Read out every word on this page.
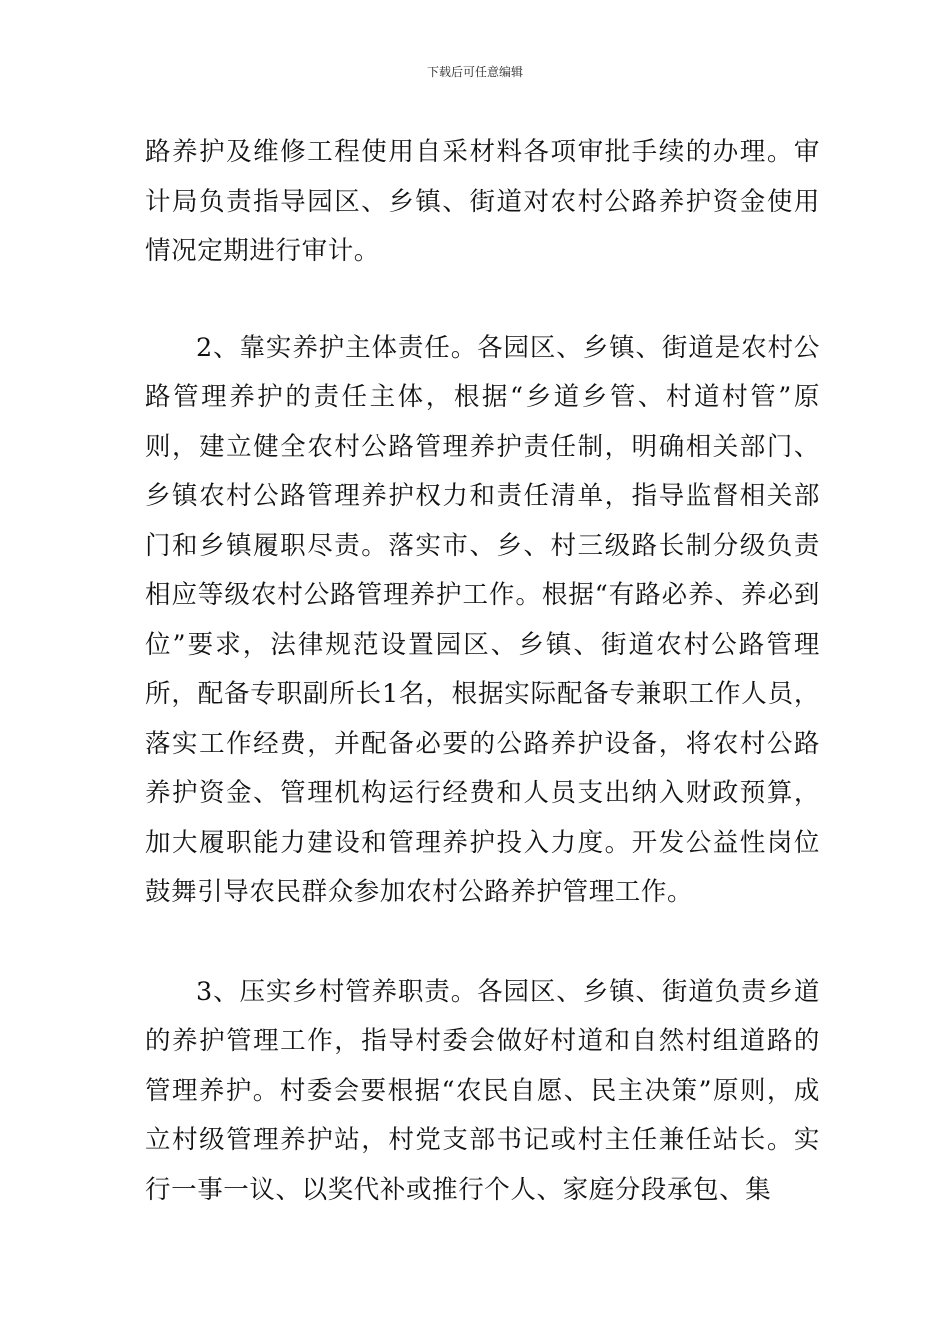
下载后可任意编辑

路养护及维修工程使用自采材料各项审批手续的办理。审计局负责指导园区、乡镇、街道对农村公路养护资金使用情况定期进行审计。

2、靠实养护主体责任。各园区、乡镇、街道是农村公路管理养护的责任主体，根据“乡道乡管、村道村管”原则，建立健全农村公路管理养护责任制，明确相关部门、乡镇农村公路管理养护权力和责任清单，指导监督相关部门和乡镇履职尽责。落实市、乡、村三级路长制分级负责相应等级农村公路管理养护工作。根据“有路必养、养必到位”要求，法律规范设置园区、乡镇、街道农村公路管理所，配备专职副所长1名，根据实际配备专兼职工作人员，落实工作经费，并配备必要的公路养护设备，将农村公路养护资金、管理机构运行经费和人员支出纳入财政预算，加大履职能力建设和管理养护投入力度。开发公益性岗位鼓舞引导农民群众参加农村公路养护管理工作。

3、压实乡村管养职责。各园区、乡镇、街道负责乡道的养护管理工作，指导村委会做好村道和自然村组道路的管理养护。村委会要根据“农民自愿、民主决策”原则，成立村级管理养护站，村党支部书记或村主任兼任站长。实行一事一议、以奖代补或推行个人、家庭分段承包、集
